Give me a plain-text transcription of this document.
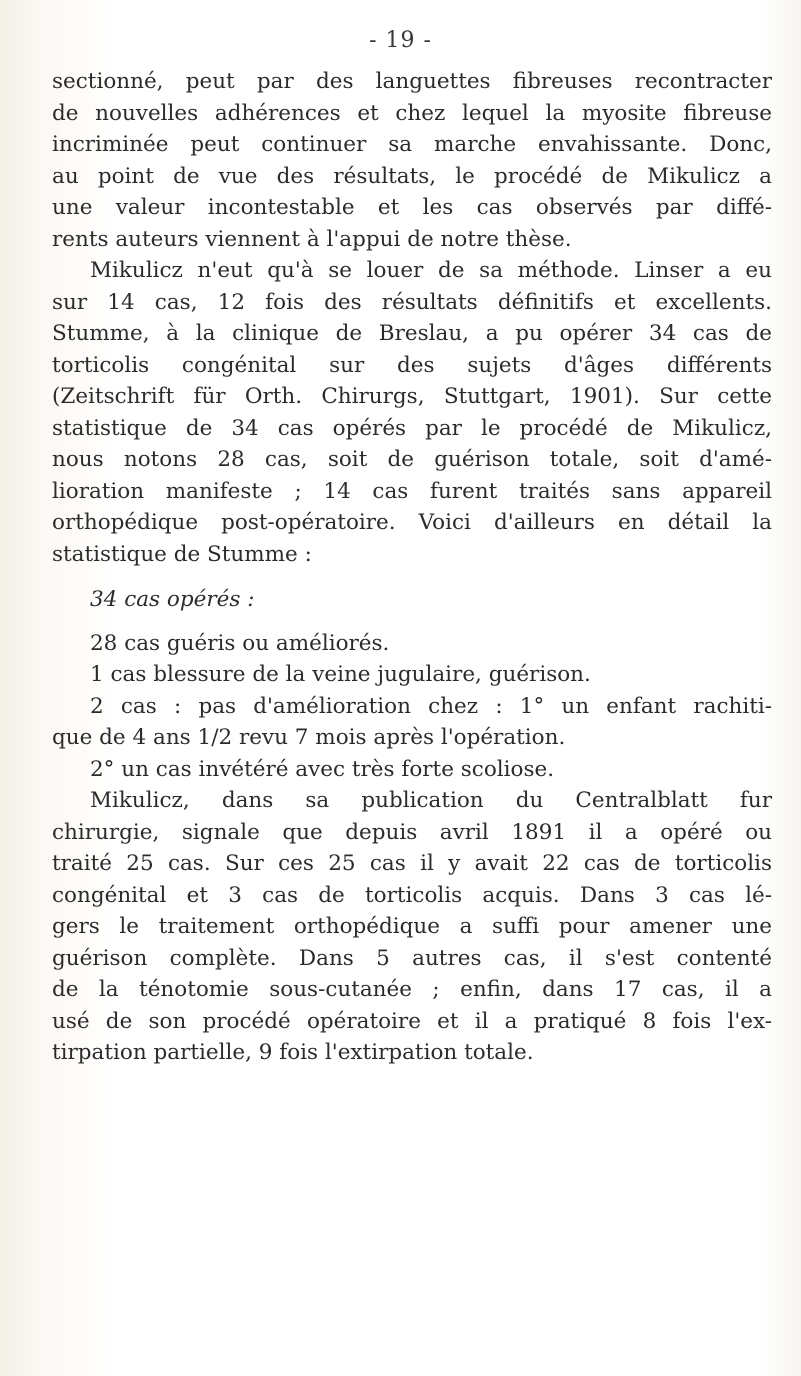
- 19 -

sectionné, peut par des languettes fibreuses recontracter
de nouvelles adhérences et chez lequel la myosite fibreuse
incriminée peut continuer sa marche envahissante. Donc,
au point de vue des résultats, le procédé de Mikulicz a
une valeur incontestable et les cas observés par diffé-
rents auteurs viennent à l'appui de notre thèse.

Mikulicz n'eut qu'à se louer de sa méthode. Linser a eu
sur 14 cas, 12 fois des résultats définitifs et excellents.
Stumme, à la clinique de Breslau, a pu opérer 34 cas de
torticolis congénital sur des sujets d'âges différents
(Zeitschrift für Orth. Chirurgs, Stuttgart, 1901). Sur cette
statistique de 34 cas opérés par le procédé de Mikulicz,
nous notons 28 cas, soit de guérison totale, soit d'amé-
lioration manifeste ; 14 cas furent traités sans appareil
orthopédique post-opératoire. Voici d'ailleurs en détail la
statistique de Stumme :

34 cas opérés :

28 cas guéris ou améliorés.
1 cas blessure de la veine jugulaire, guérison.
2 cas : pas d'amélioration chez : 1° un enfant rachiti-
que de 4 ans 1/2 revu 7 mois après l'opération.
2° un cas invétéré avec très forte scoliose.

Mikulicz, dans sa publication du Centralblatt fur
chirurgie, signale que depuis avril 1891 il a opéré ou
traité 25 cas. Sur ces 25 cas il y avait 22 cas de torticolis
congénital et 3 cas de torticolis acquis. Dans 3 cas lé-
gers le traitement orthopédique a suffi pour amener une
guérison complète. Dans 5 autres cas, il s'est contenté
de la ténotomie sous-cutanée ; enfin, dans 17 cas, il a
usé de son procédé opératoire et il a pratiqué 8 fois l'ex-
tirpation partielle, 9 fois l'extirpation totale.
